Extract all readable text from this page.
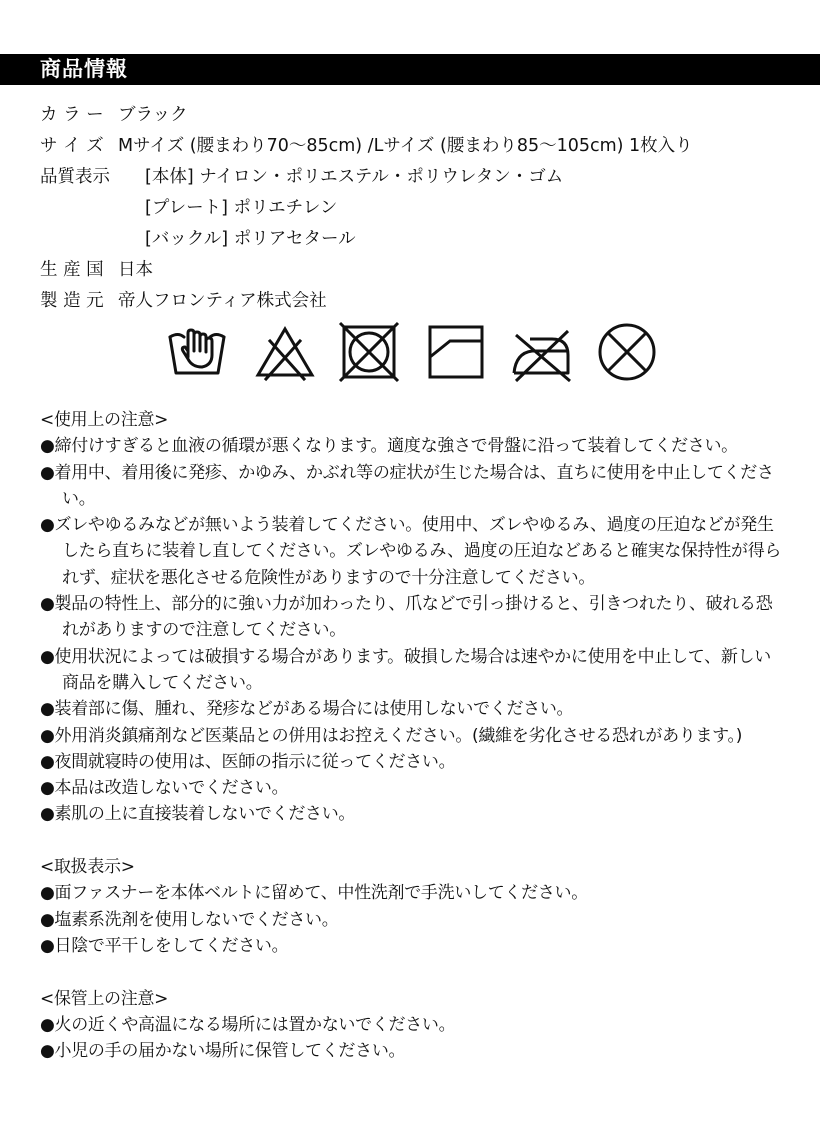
商品情報
カ ラ ー ブラック
サ イ ズ Mサイズ (腰まわり70〜85cm) /Lサイズ (腰まわり85〜105cm) 1枚入り
品質表示	[本体] ナイロン・ポリエステル・ポリウレタン・ゴム
[プレート] ポリエチレン
[バックル] ポリアセタール
生 産 国 日本
製 造 元 帝人フロンティア株式会社

<使用上の注意>

●締付けすぎると血液の循環が悪くなります。適度な強さで骨盤に沿って装着してください。

●着用中、着用後に発疹、かゆみ、かぶれ等の症状が生じた場合は、直ちに使用を中止してください。

●ズレやゆるみなどが無いよう装着してください。使用中、ズレやゆるみ、過度の圧迫などが発生したら直ちに装着し直してください。ズレやゆるみ、過度の圧迫などあると確実な保持性が得られず、症状を悪化させる危険性がありますので十分注意してください。

●製品の特性上、部分的に強い力が加わったり、爪などで引っ掛けると、引きつれたり、破れる恐れがありますので注意してください。

●使用状況によっては破損する場合があります。破損した場合は速やかに使用を中止して、新しい商品を購入してください。

●装着部に傷、腫れ、発疹などがある場合には使用しないでください。

●外用消炎鎮痛剤など医薬品との併用はお控えください。(繊維を劣化させる恐れがあります。)

●夜間就寝時の使用は、医師の指示に従ってください。

●本品は改造しないでください。

●素肌の上に直接装着しないでください。

<取扱表示>

●面ファスナーを本体ベルトに留めて、中性洗剤で手洗いしてください。

●塩素系洗剤を使用しないでください。

●日陰で平干しをしてください。

<保管上の注意>

●火の近くや高温になる場所には置かないでください。

●小児の手の届かない場所に保管してください。
